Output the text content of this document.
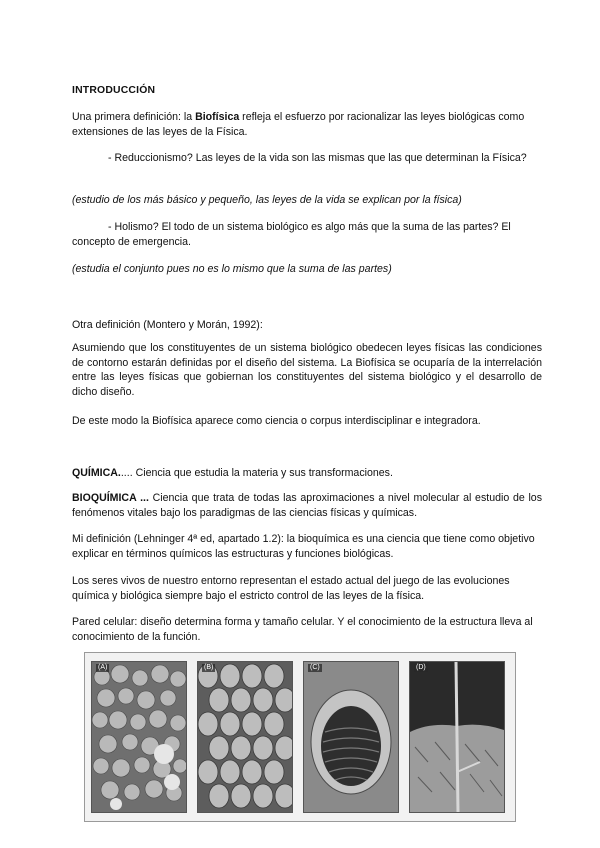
INTRODUCCIÓN

Una primera definición: la Biofísica refleja el esfuerzo por racionalizar las leyes biológicas como extensiones de las leyes de la Física.

- Reduccionismo? Las leyes de la vida son las mismas que las que determinan la Física?

(estudio de los más básico y pequeño, las leyes de la vida se explican por la física)

- Holismo? El todo de un sistema biológico es algo más que la suma de las partes? El concepto de emergencia.

(estudia el conjunto pues no es lo mismo que la suma de las partes)

Otra definición (Montero y Morán, 1992):

Asumiendo que los constituyentes de un sistema biológico obedecen leyes físicas las condiciones de contorno estarán definidas por el diseño del sistema. La Biofísica se ocuparía de la interrelación entre las leyes físicas que gobiernan los constituyentes del sistema biológico y el desarrollo de dicho diseño.

De este modo la Biofísica aparece como ciencia o corpus interdisciplinar e integradora.

QUÍMICA..... Ciencia que estudia la materia y sus transformaciones.

BIOQUÍMICA ... Ciencia que trata de todas las aproximaciones a nivel molecular al estudio de los fenómenos vitales bajo los paradigmas de las ciencias físicas y químicas.

Mi definición (Lehninger 4ª ed, apartado 1.2): la bioquímica es una ciencia que tiene como objetivo explicar en términos químicos las estructuras y funciones biológicas.

Los seres vivos de nuestro entorno representan el estado actual del juego de las evoluciones química y biológica siempre bajo el estricto control de las leyes de la física.

Pared celular: diseño determina forma y tamaño celular. Y el conocimiento de la estructura lleva al conocimiento de la función.

(A)	(B)	(C)	(D)
